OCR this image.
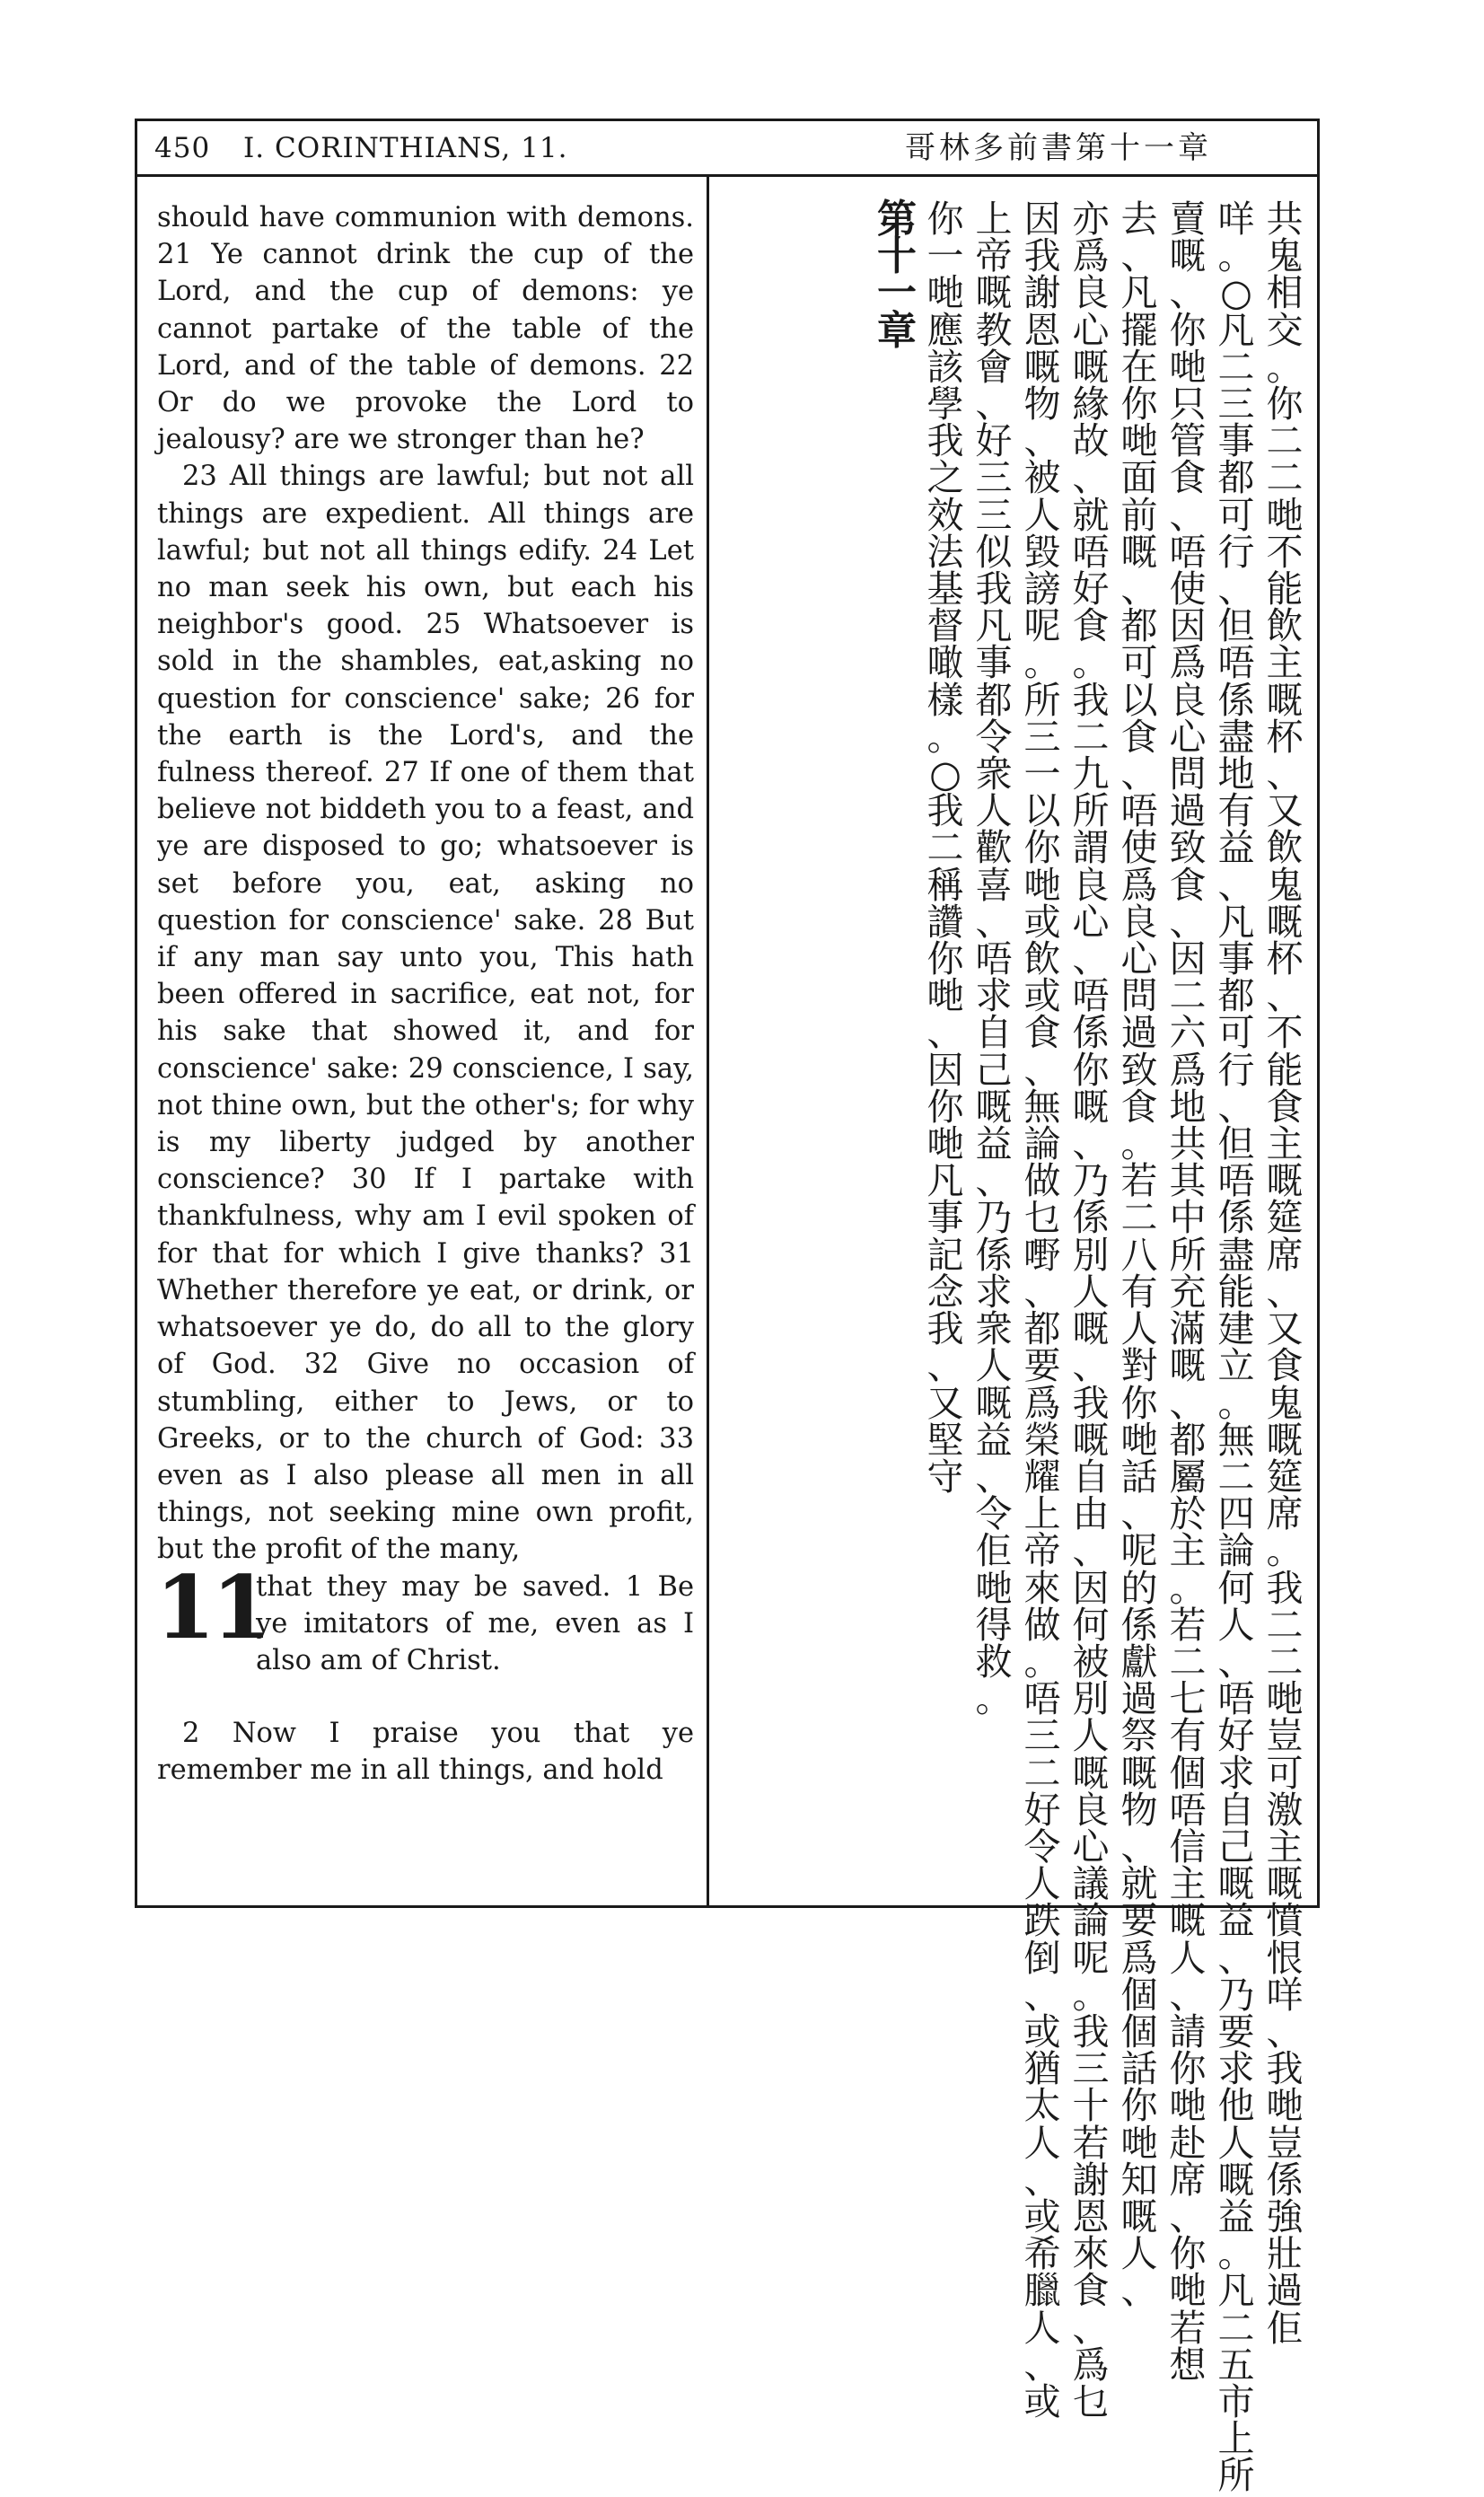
450 I. CORINTHIANS, 11.	哥林多前書第十一章

should have communion with demons. 21 Ye cannot drink the cup of the Lord, and the cup of demons: ye cannot partake of the table of the Lord, and of the table of demons. 22 Or do we provoke the Lord to jealousy? are we stronger than he?

23 All things are lawful; but not all things are expedient. All things are lawful; but not all things edify. 24 Let no man seek his own, but each his neighbor's good. 25 Whatsoever is sold in the shambles, eat,asking no question for conscience' sake; 26 for the earth is the Lord's, and the fulness thereof. 27 If one of them that believe not biddeth you to a feast, and ye are disposed to go; whatsoever is set before you, eat, asking no question for conscience' sake. 28 But if any man say unto you, This hath been offered in sacrifice, eat not, for his sake that showed it, and for conscience' sake: 29 conscience, I say, not thine own, but the other's; for why is my liberty judged by another conscience? 30 If I partake with thankfulness, why am I evil spoken of for that for which I give thanks? 31 Whether therefore ye eat, or drink, or whatsoever ye do, do all to the glory of God. 32 Give no occasion of stumbling, either to Jews, or to Greeks, or to the church of God: 33 even as I also please all men in all things, not seeking mine own profit, but the profit of the many,

11

that they may be saved. 1 Be ye imitators of me, even as I also am of Christ.

2 Now I praise you that ye remember me in all things, and hold

共
鬼
相
交
。
你
二
二
哋
不
能
飲
主
嘅
杯
、
又
飲
鬼
嘅
杯
、
不
能
食
主
嘅
筵
席
、
又
食
鬼
嘅
筵
席
。
我
二
二
哋
豈
可
激
主
嘅
憤
恨
咩
、
我
哋
豈
係
強
壯
過
佢
咩
。
○
凡
二
三
事
都
可
行
、
但
唔
係
盡
地
有
益
、
凡
事
都
可
行
、
但
唔
係
盡
能
建
立
。
無
二
四
論
何
人
、
唔
好
求
自
己
嘅
益
、
乃
要
求
他
人
嘅
益
。
凡
二
五
市
上
所
賣
嘅
、
你
哋
只
管
食
、
唔
使
因
爲
良
心
問
過
致
食
、
因
二
六
爲
地
共
其
中
所
充
滿
嘅
、
都
屬
於
主
。
若
二
七
有
個
唔
信
主
嘅
人
、
請
你
哋
赴
席
、
你
哋
若
想
去
、
凡
擺
在
你
哋
面
前
嘅
、
都
可
以
食
、
唔
使
爲
良
心
問
過
致
食
。
若
二
八
有
人
對
你
哋
話
、
呢
的
係
獻
過
祭
嘅
物
、
就
要
爲
個
個
話
你
哋
知
嘅
人
、
亦
爲
良
心
嘅
緣
故
、
就
唔
好
食
。
我
二
九
所
謂
良
心
、
唔
係
你
嘅
、
乃
係
別
人
嘅
、
我
嘅
自
由
、
因
何
被
別
人
嘅
良
心
議
論
呢
。
我
三
十
若
謝
恩
來
食
、
爲
乜
因
我
謝
恩
嘅
物
、
被
人
毀
謗
呢
。
所
三
一
以
你
哋
或
飲
或
食
、
無
論
做
乜
嘢
、
都
要
爲
榮
耀
上
帝
來
做
。
唔
三
二
好
令
人
跌
倒
、
或
猶
太
人
、
或
希
臘
人
、
或
上
帝
嘅
教
會
、
好
三
三
似
我
凡
事
都
令
衆
人
歡
喜
、
唔
求
自
己
嘅
益
、
乃
係
求
衆
人
嘅
益
、
令
佢
哋
得
救
。
你
一
哋
應
該
學
我
之
效
法
基
督
噉
樣
。
○
我
二
稱
讚
你
哋
、
因
你
哋
凡
事
記
念
我
、
又
堅
守
第
十
一
章
